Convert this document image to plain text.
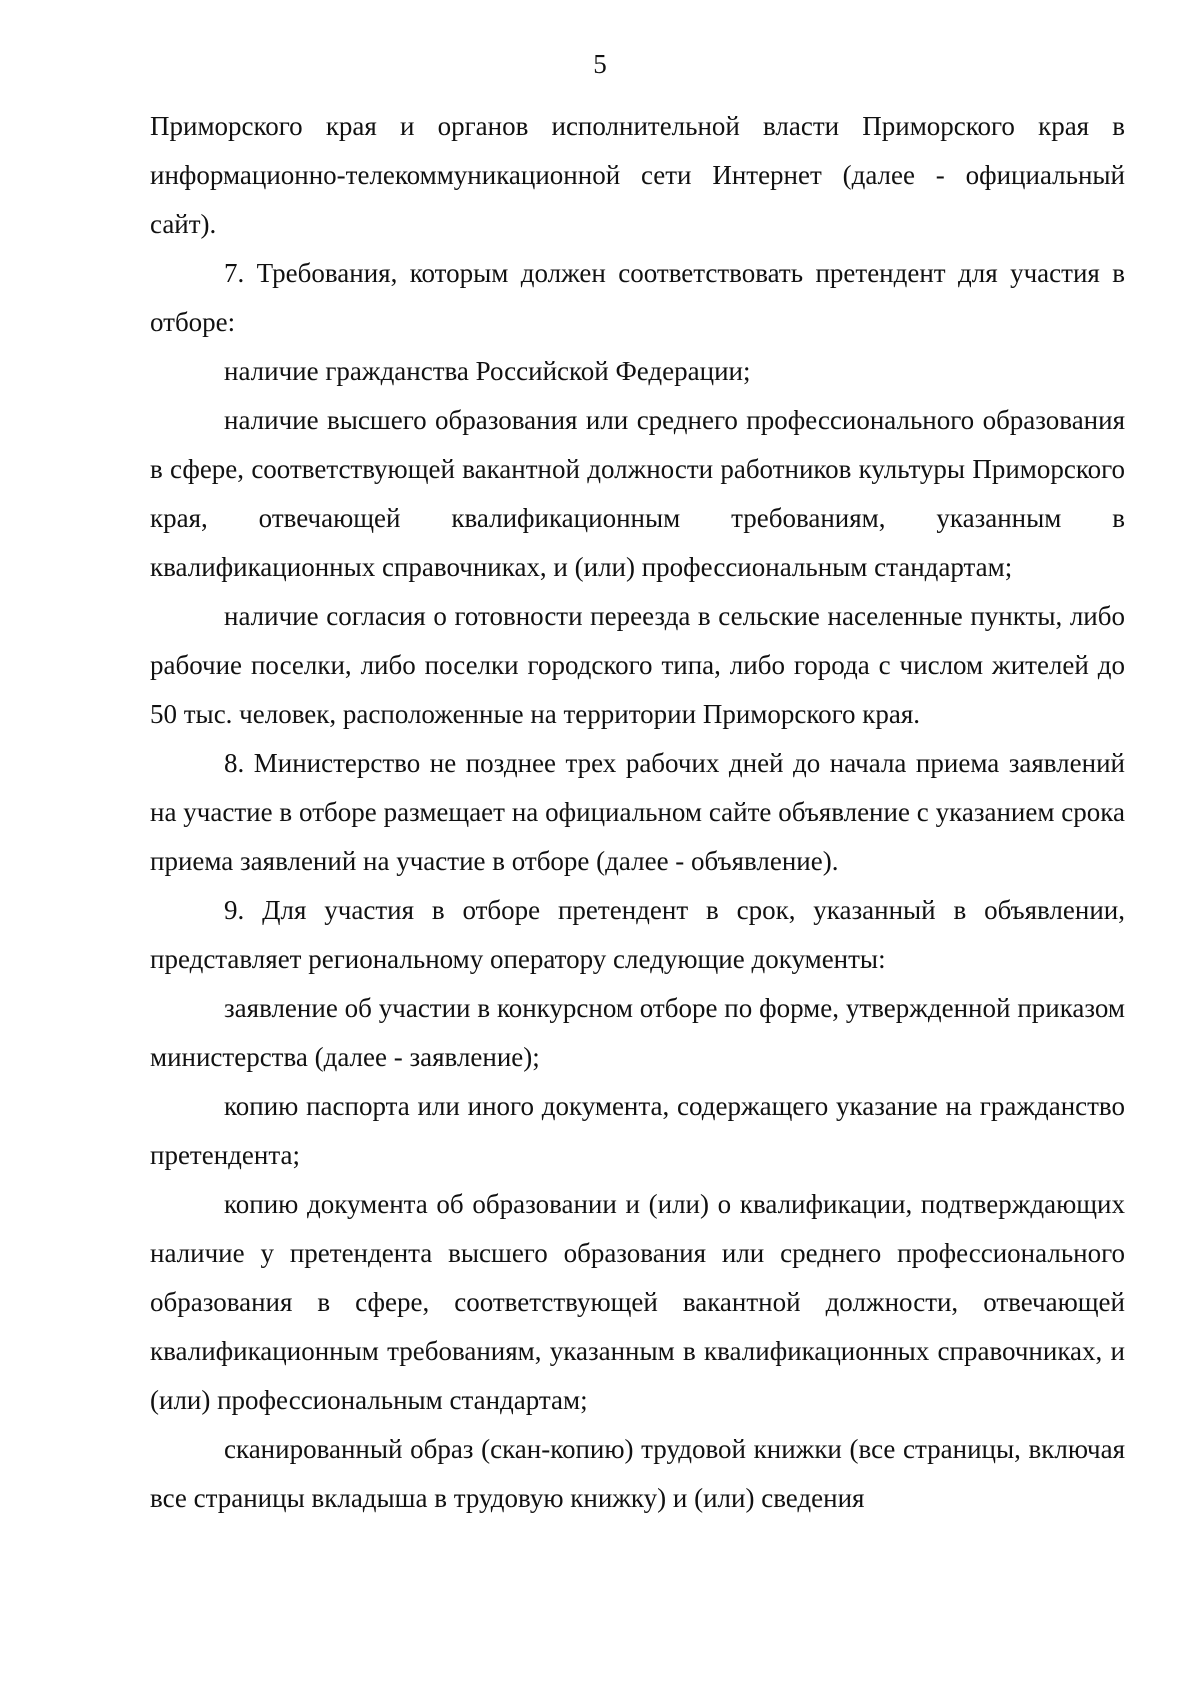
5

Приморского края и органов исполнительной власти Приморского края в информационно-телекоммуникационной сети Интернет (далее - официальный сайт).

7. Требования, которым должен соответствовать претендент для участия в отборе:

наличие гражданства Российской Федерации;

наличие высшего образования или среднего профессионального образования в сфере, соответствующей вакантной должности работников культуры Приморского края, отвечающей квалификационным требованиям, указанным в квалификационных справочниках, и (или) профессиональным стандартам;

наличие согласия о готовности переезда в сельские населенные пункты, либо рабочие поселки, либо поселки городского типа, либо города с числом жителей до 50 тыс. человек, расположенные на территории Приморского края.

8. Министерство не позднее трех рабочих дней до начала приема заявлений на участие в отборе размещает на официальном сайте объявление с указанием срока приема заявлений на участие в отборе (далее - объявление).

9. Для участия в отборе претендент в срок, указанный в объявлении, представляет региональному оператору следующие документы:

заявление об участии в конкурсном отборе по форме, утвержденной приказом министерства (далее - заявление);

копию паспорта или иного документа, содержащего указание на гражданство претендента;

копию документа об образовании и (или) о квалификации, подтверждающих наличие у претендента высшего образования или среднего профессионального образования в сфере, соответствующей вакантной должности, отвечающей квалификационным требованиям, указанным в квалификационных справочниках, и (или) профессиональным стандартам;

сканированный образ (скан-копию) трудовой книжки (все страницы, включая все страницы вкладыша в трудовую книжку) и (или) сведения
